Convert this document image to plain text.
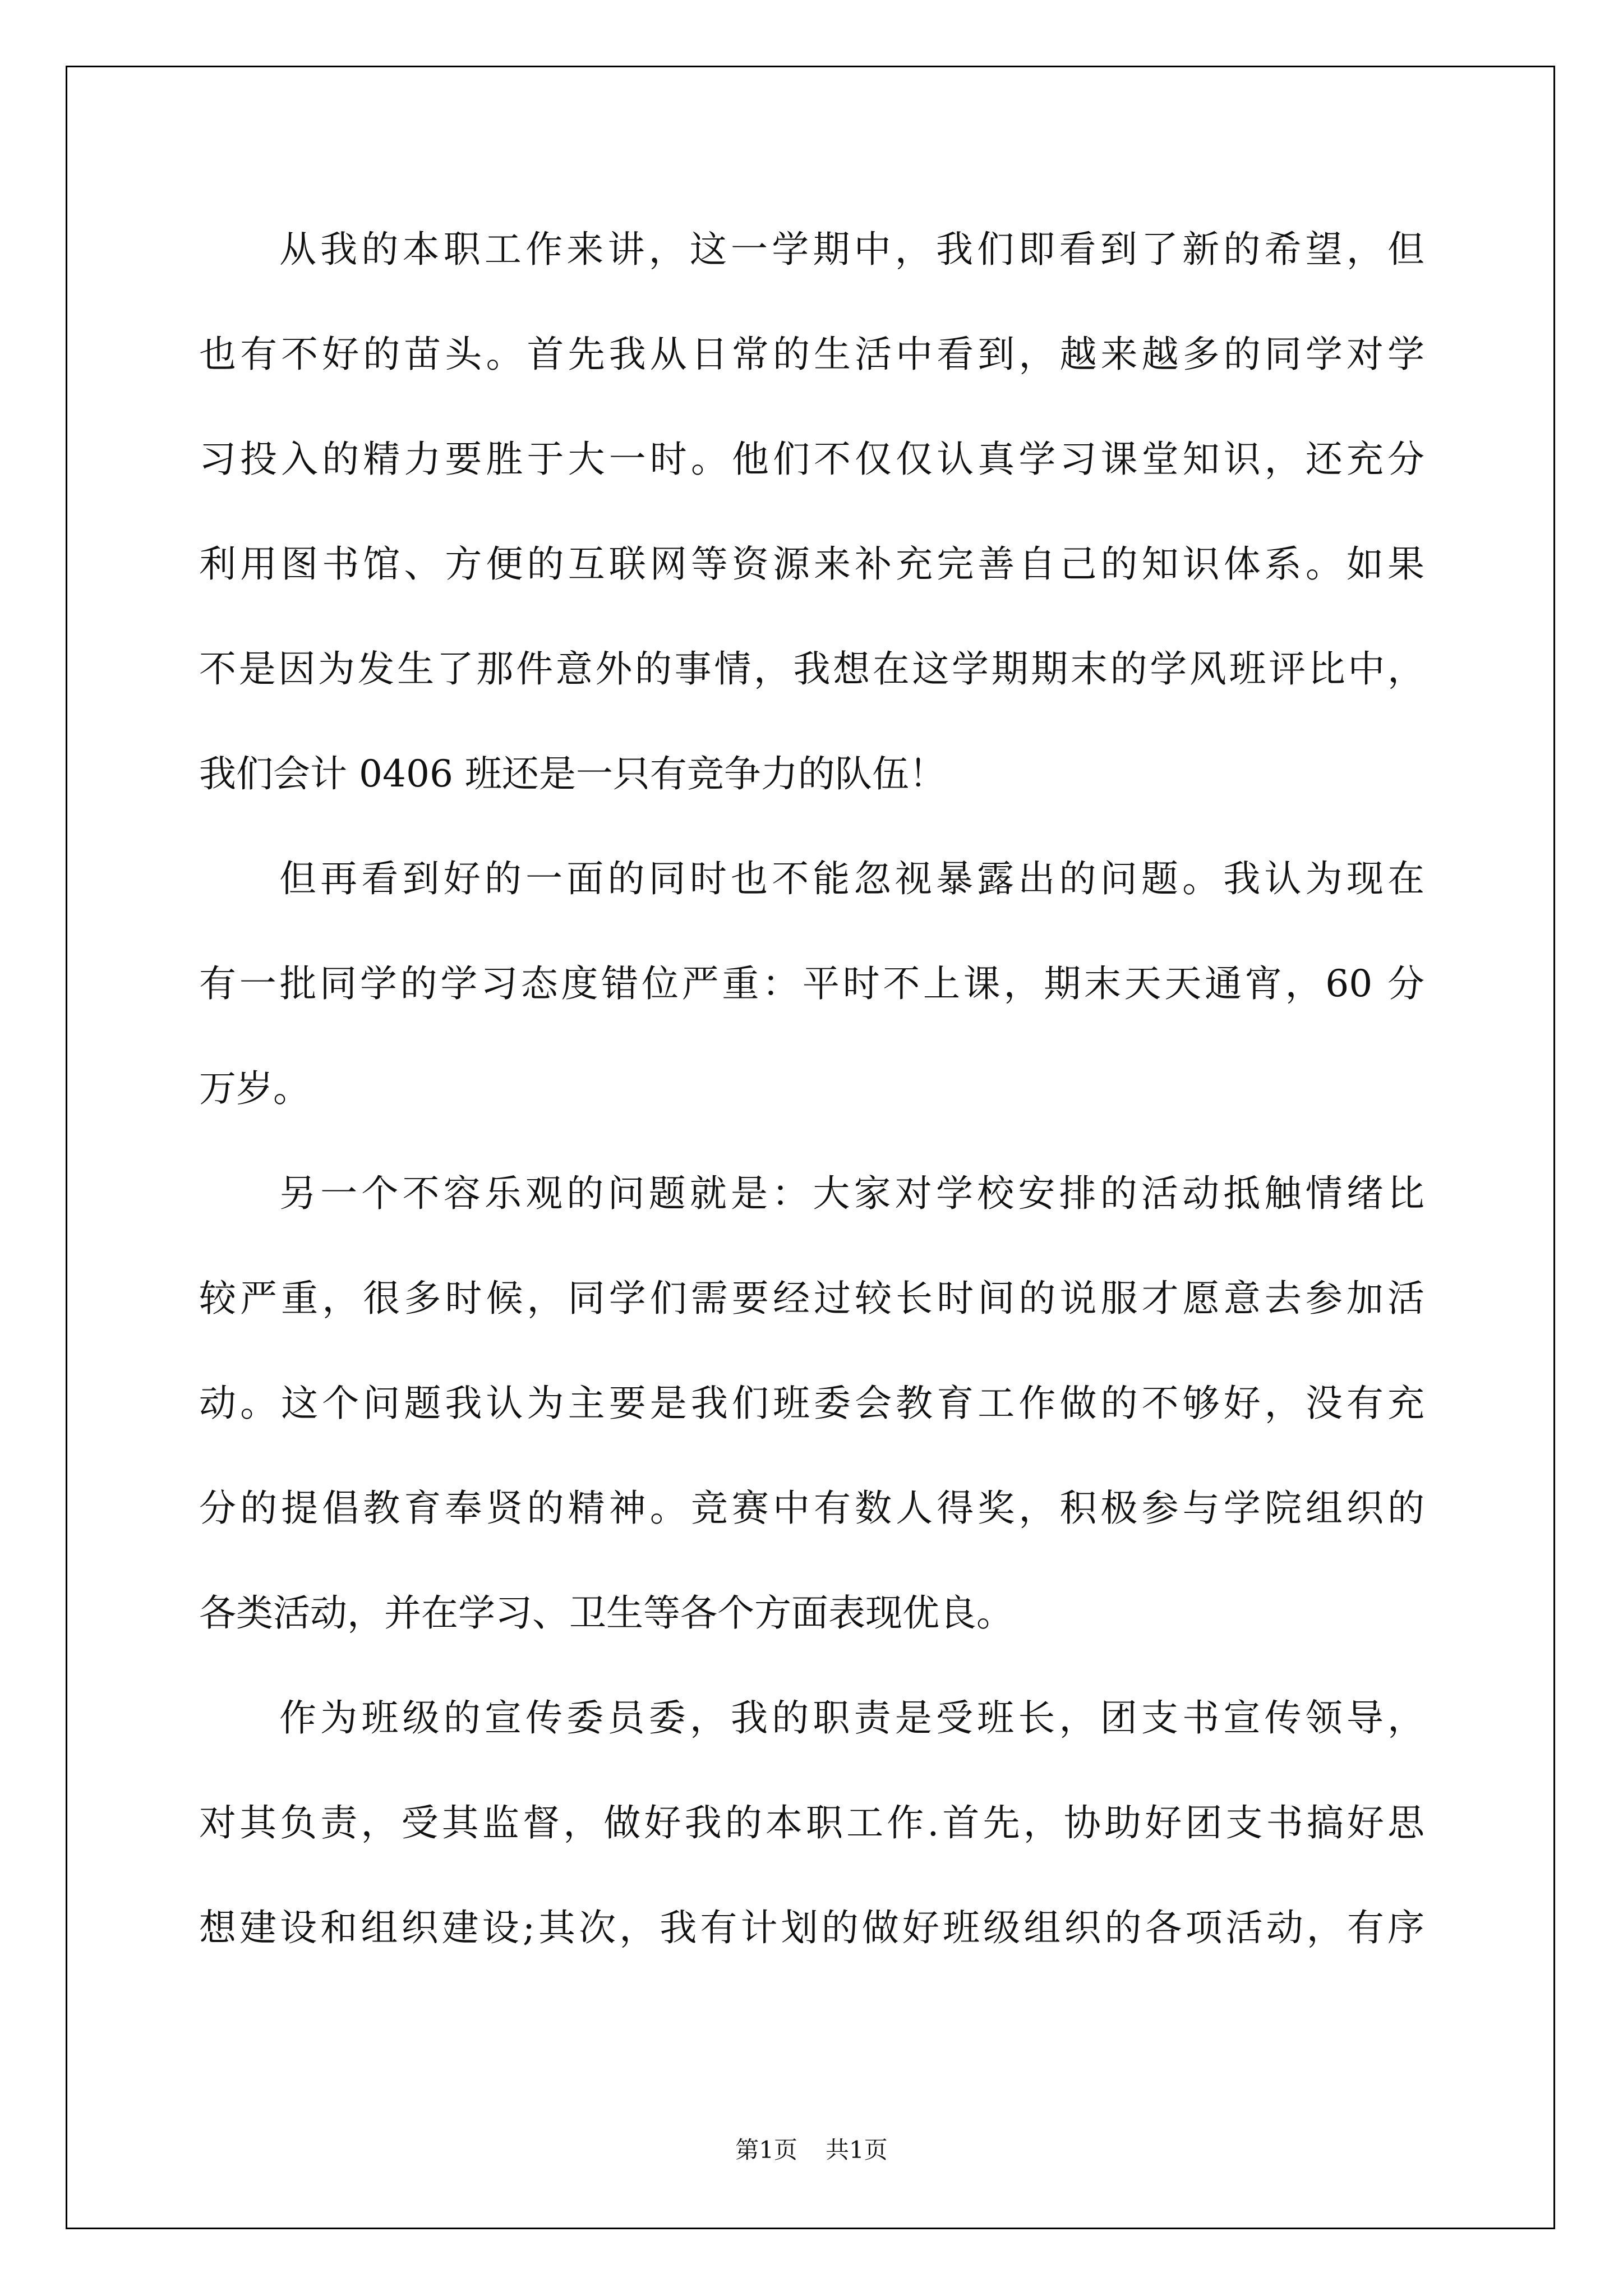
从我的本职工作来讲，这一学期中，我们即看到了新的希望，但
也有不好的苗头。首先我从日常的生活中看到，越来越多的同学对学
习投入的精力要胜于大一时。他们不仅仅认真学习课堂知识，还充分
利用图书馆、方便的互联网等资源来补充完善自己的知识体系。如果
不是因为发生了那件意外的事情，我想在这学期期末的学风班评比中，
我们会计 0406 班还是一只有竞争力的队伍！
但再看到好的一面的同时也不能忽视暴露出的问题。我认为现在
有一批同学的学习态度错位严重：平时不上课，期末天天通宵，60 分
万岁。
另一个不容乐观的问题就是：大家对学校安排的活动抵触情绪比
较严重，很多时候，同学们需要经过较长时间的说服才愿意去参加活
动。这个问题我认为主要是我们班委会教育工作做的不够好，没有充
分的提倡教育奉贤的精神。竞赛中有数人得奖，积极参与学院组织的
各类活动，并在学习、卫生等各个方面表现优良。
作为班级的宣传委员委，我的职责是受班长，团支书宣传领导，
对其负责，受其监督，做好我的本职工作.首先，协助好团支书搞好思
想建设和组织建设;其次，我有计划的做好班级组织的各项活动，有序
第1页 共1页
